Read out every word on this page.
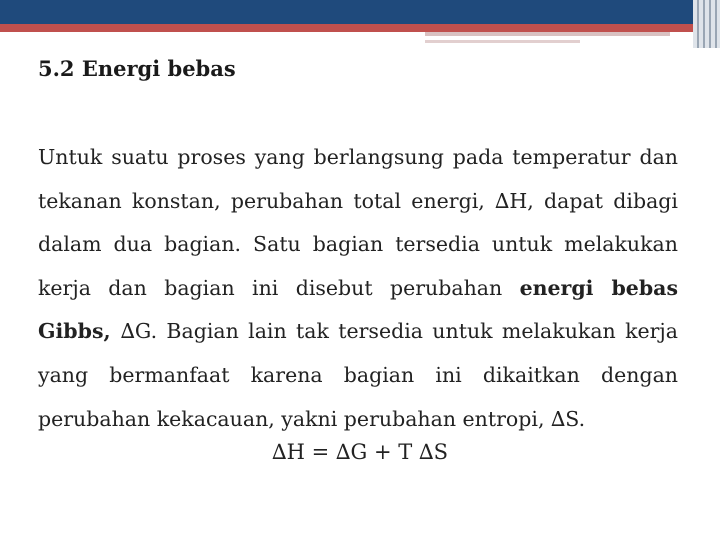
5.2 Energi bebas
Untuk suatu proses yang berlangsung pada temperatur dan tekanan konstan, perubahan total energi, ∆H, dapat dibagi dalam dua bagian. Satu bagian tersedia untuk melakukan kerja dan bagian ini disebut perubahan energi bebas Gibbs, ∆G. Bagian lain tak tersedia untuk melakukan kerja yang bermanfaat karena bagian ini dikaitkan dengan perubahan kekacauan, yakni perubahan entropi, ∆S.
∆H = ∆G + T ∆S
